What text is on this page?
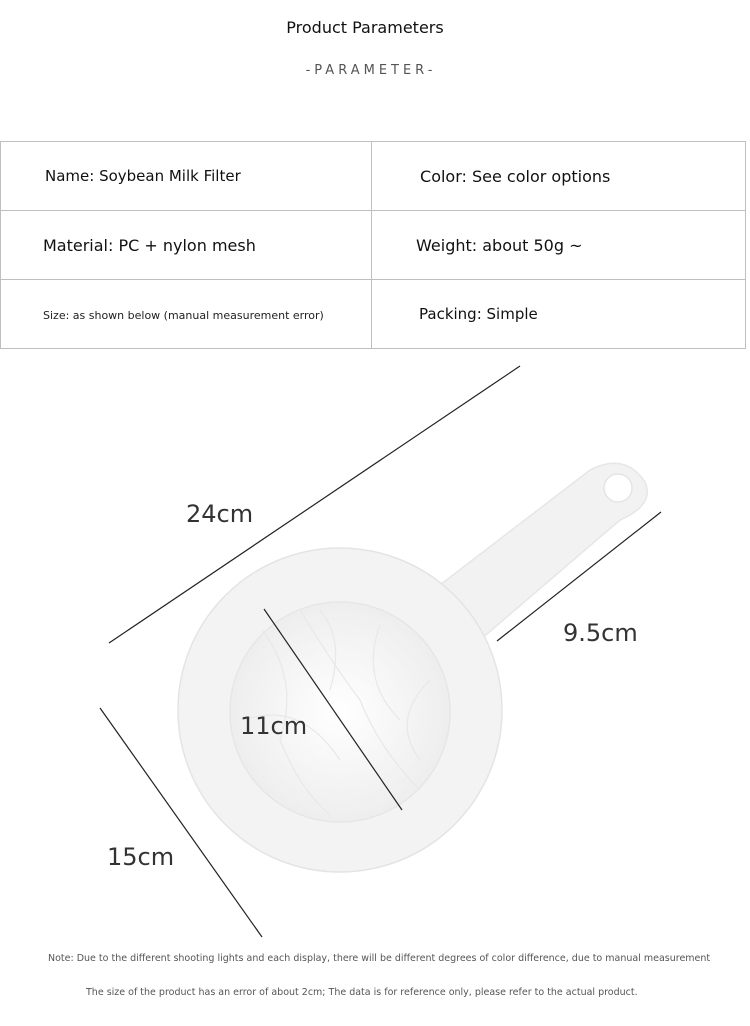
Product Parameters
-PARAMETER-
Name: Soybean Milk Filter	Color: See color options
Material: PC + nylon mesh	Weight: about 50g ~
Size: as shown below (manual measurement error)	Packing: Simple
24cm
9.5cm
11cm
15cm
Note: Due to the different shooting lights and each display, there will be different degrees of color difference, due to manual measurement
The size of the product has an error of about 2cm; The data is for reference only, please refer to the actual product.
